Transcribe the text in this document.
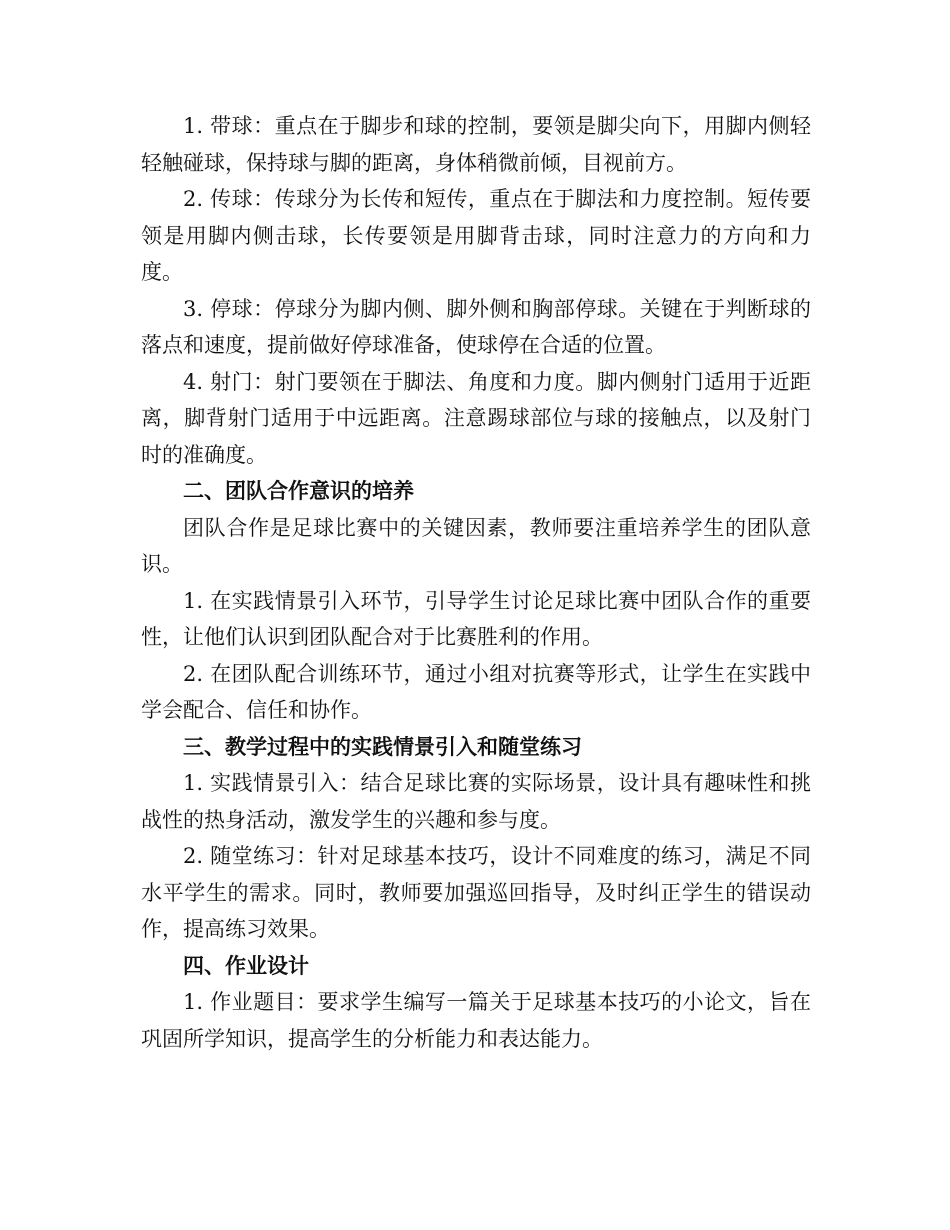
1. 带球：重点在于脚步和球的控制，要领是脚尖向下，用脚内侧轻轻触碰球，保持球与脚的距离，身体稍微前倾，目视前方。

2. 传球：传球分为长传和短传，重点在于脚法和力度控制。短传要领是用脚内侧击球，长传要领是用脚背击球，同时注意力的方向和力度。

3. 停球：停球分为脚内侧、脚外侧和胸部停球。关键在于判断球的落点和速度，提前做好停球准备，使球停在合适的位置。

4. 射门：射门要领在于脚法、角度和力度。脚内侧射门适用于近距离，脚背射门适用于中远距离。注意踢球部位与球的接触点，以及射门时的准确度。

二、团队合作意识的培养

团队合作是足球比赛中的关键因素，教师要注重培养学生的团队意识。

1. 在实践情景引入环节，引导学生讨论足球比赛中团队合作的重要性，让他们认识到团队配合对于比赛胜利的作用。

2. 在团队配合训练环节，通过小组对抗赛等形式，让学生在实践中学会配合、信任和协作。

三、教学过程中的实践情景引入和随堂练习

1. 实践情景引入：结合足球比赛的实际场景，设计具有趣味性和挑战性的热身活动，激发学生的兴趣和参与度。

2. 随堂练习：针对足球基本技巧，设计不同难度的练习，满足不同水平学生的需求。同时，教师要加强巡回指导，及时纠正学生的错误动作，提高练习效果。

四、作业设计

1. 作业题目：要求学生编写一篇关于足球基本技巧的小论文，旨在巩固所学知识，提高学生的分析能力和表达能力。
